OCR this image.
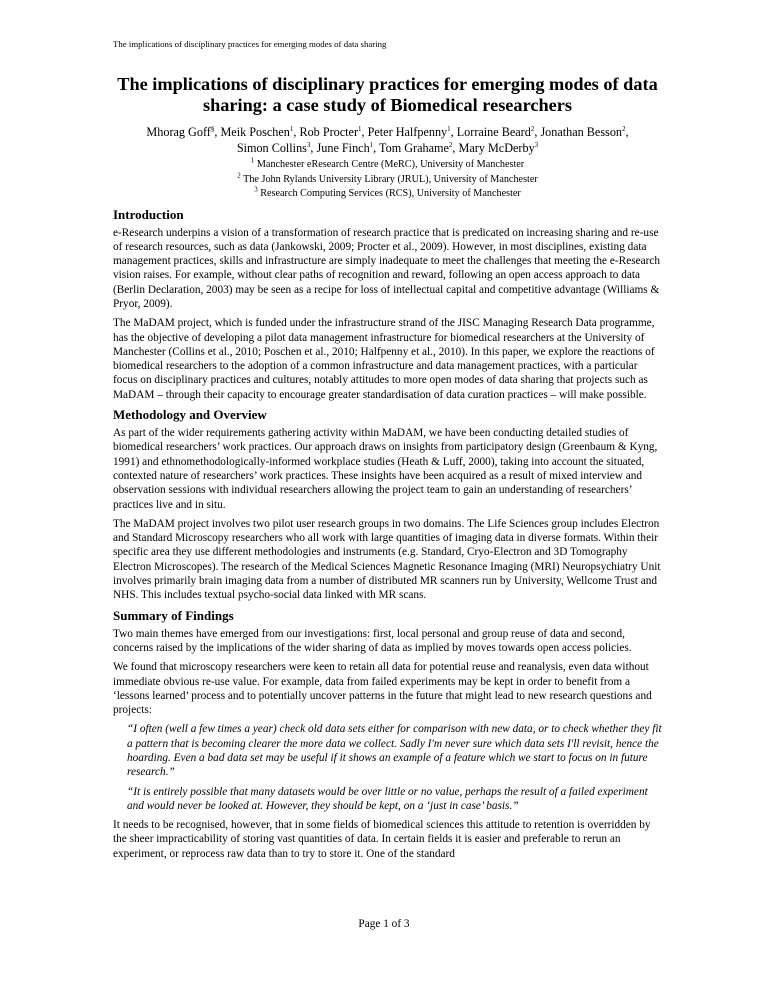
The implications of disciplinary practices for emerging modes of data sharing
The implications of disciplinary practices for emerging modes of data
sharing: a case study of Biomedical researchers
Mhorag Goff§, Meik Poschen$^1$, Rob Procter$^1$, Peter Halfpenny$^1$, Lorraine Beard$^2$, Jonathan Besson$^2$,
Simon Collins$^3$, June Finch$^1$, Tom Grahame$^2$, Mary McDerby$^3$
$^1$ Manchester eResearch Centre (MeRC), University of Manchester
$^2$ The John Rylands University Library (JRUL), University of Manchester
$^3$ Research Computing Services (RCS), University of Manchester
Introduction

e-Research underpins a vision of a transformation of research practice that is predicated on increasing sharing and re-use of research resources, such as data (Jankowski, 2009; Procter et al., 2009). However, in most disciplines, existing data management practices, skills and infrastructure are simply inadequate to meet the challenges that meeting the e-Research vision raises. For example, without clear paths of recognition and reward, following an open access approach to data (Berlin Declaration, 2003) may be seen as a recipe for loss of intellectual capital and competitive advantage (Williams & Pryor, 2009).

The MaDAM project, which is funded under the infrastructure strand of the JISC Managing Research Data programme, has the objective of developing a pilot data management infrastructure for biomedical researchers at the University of Manchester (Collins et al., 2010; Poschen et al., 2010; Halfpenny et al., 2010). In this paper, we explore the reactions of biomedical researchers to the adoption of a common infrastructure and data management practices, with a particular focus on disciplinary practices and cultures, notably attitudes to more open modes of data sharing that projects such as MaDAM – through their capacity to encourage greater standardisation of data curation practices – will make possible.

Methodology and Overview

As part of the wider requirements gathering activity within MaDAM, we have been conducting detailed studies of biomedical researchers’ work practices. Our approach draws on insights from participatory design (Greenbaum & Kyng, 1991) and ethnomethodologically-informed workplace studies (Heath & Luff, 2000), taking into account the situated, contexted nature of researchers’ work practices. These insights have been acquired as a result of mixed interview and observation sessions with individual researchers allowing the project team to gain an understanding of researchers’ practices live and in situ.

The MaDAM project involves two pilot user research groups in two domains. The Life Sciences group includes Electron and Standard Microscopy researchers who all work with large quantities of imaging data in diverse formats. Within their specific area they use different methodologies and instruments (e.g. Standard, Cryo-Electron and 3D Tomography Electron Microscopes). The research of the Medical Sciences Magnetic Resonance Imaging (MRI) Neuropsychiatry Unit involves primarily brain imaging data from a number of distributed MR scanners run by University, Wellcome Trust and NHS. This includes textual psycho-social data linked with MR scans.

Summary of Findings

Two main themes have emerged from our investigations: first, local personal and group reuse of data and second, concerns raised by the implications of the wider sharing of data as implied by moves towards open access policies.

We found that microscopy researchers were keen to retain all data for potential reuse and reanalysis, even data without immediate obvious re-use value. For example, data from failed experiments may be kept in order to benefit from a ‘lessons learned’ process and to potentially uncover patterns in the future that might lead to new research questions and projects:

“I often (well a few times a year) check old data sets either for comparison with new data, or to check whether they fit a pattern that is becoming clearer the more data we collect. Sadly I'm never sure which data sets I'll revisit, hence the hoarding. Even a bad data set may be useful if it shows an example of a feature which we start to focus on in future research.”

“It is entirely possible that many datasets would be over little or no value, perhaps the result of a failed experiment and would never be looked at. However, they should be kept, on a ‘just in case’ basis.”

It needs to be recognised, however, that in some fields of biomedical sciences this attitude to retention is overridden by the sheer impracticability of storing vast quantities of data. In certain fields it is easier and preferable to rerun an experiment, or reprocess raw data than to try to store it. One of the standard

Page 1 of 3
